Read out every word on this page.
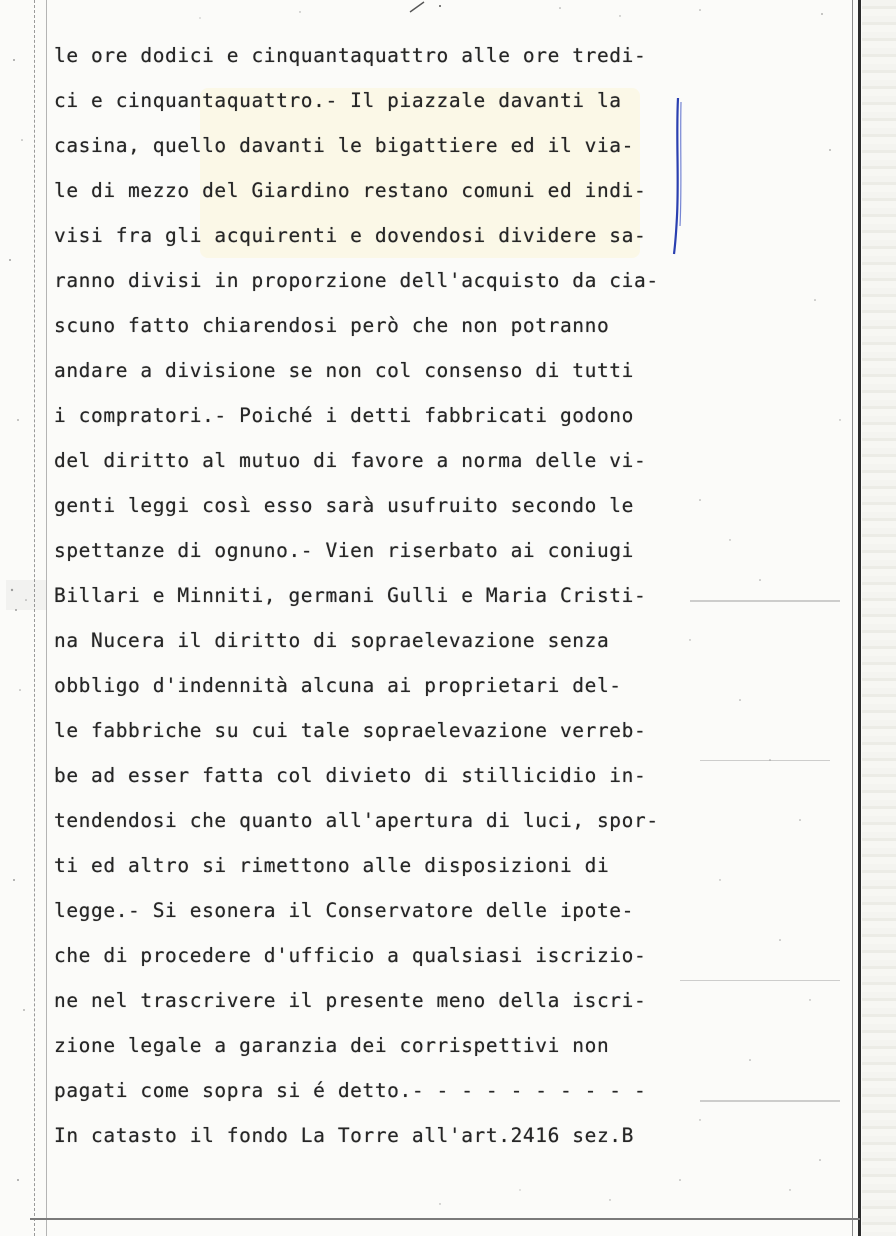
le ore dodici e cinquantaquattro alle ore tredi-
ci e cinquantaquattro.- Il piazzale davanti la
casina, quello davanti le bigattiere ed il via-
le di mezzo del Giardino restano comuni ed indi-
visi fra gli acquirenti e dovendosi dividere sa-
ranno divisi in proporzione dell'acquisto da cia-
scuno fatto chiarendosi però che non potranno
andare a divisione se non col consenso di tutti
i compratori.- Poiché i detti fabbricati godono
del diritto al mutuo di favore a norma delle vi-
genti leggi così esso sarà usufruito secondo le
spettanze di ognuno.- Vien riserbato ai coniugi
Billari e Minniti, germani Gulli e Maria Cristi-
na Nucera il diritto di sopraelevazione senza
obbligo d'indennità alcuna ai proprietari del-
le fabbriche su cui tale sopraelevazione verreb-
be ad esser fatta col divieto di stillicidio in-
tendendosi che quanto all'apertura di luci, spor-
ti ed altro si rimettono alle disposizioni di
legge.- Si esonera il Conservatore delle ipote-
che di procedere d'ufficio a qualsiasi iscrizio-
ne nel trascrivere il presente meno della iscri-
zione legale a garanzia dei corrispettivi non
pagati come sopra si é detto.- - - - - - - - - -
In catasto il fondo La Torre all'art.2416 sez.B
